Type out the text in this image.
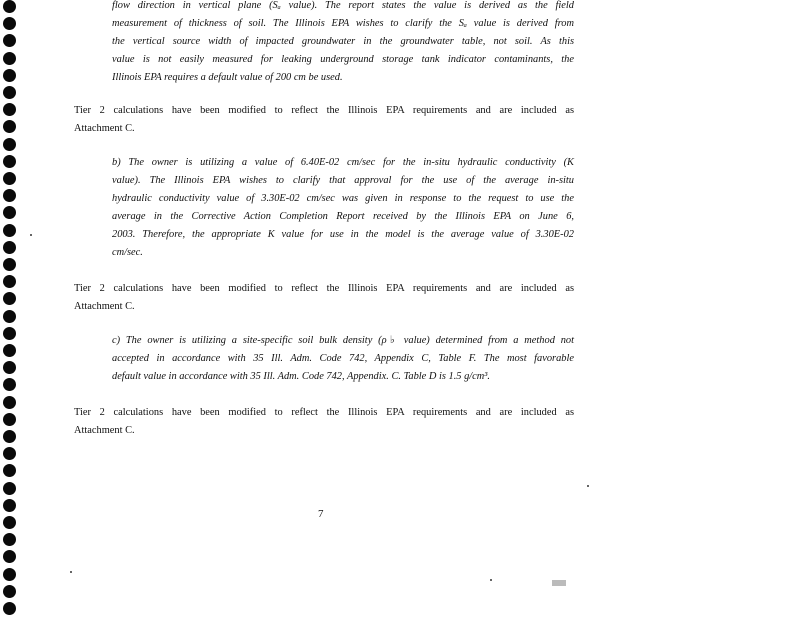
flow direction in vertical plane (Sₐ value). The report states the value is derived as the field
measurement of thickness of soil. The Illinois EPA wishes to clarify the Sₐ value is derived from
the vertical source width of impacted groundwater in the groundwater table, not soil. As this
value is not easily measured for leaking underground storage tank indicator contaminants, the
Illinois EPA requires a default value of 200 cm be used.

Tier 2 calculations have been modified to reflect the Illinois EPA requirements and are included as
Attachment C.

b) The owner is utilizing a value of 6.40E-02 cm/sec for the in-situ hydraulic conductivity (K
value). The Illinois EPA wishes to clarify that approval for the use of the average in-situ
hydraulic conductivity value of 3.30E-02 cm/sec was given in response to the request to use the
average in the Corrective Action Completion Report received by the Illinois EPA on June 6,
2003. Therefore, the appropriate K value for use in the model is the average value of 3.30E-02
cm/sec.

Tier 2 calculations have been modified to reflect the Illinois EPA requirements and are included as
Attachment C.

c) The owner is utilizing a site-specific soil bulk density (ρ♭ value) determined from a method not
accepted in accordance with 35 Ill. Adm. Code 742, Appendix C, Table F. The most favorable
default value in accordance with 35 Ill. Adm. Code 742, Appendix. C. Table D is 1.5 g/cm³.

Tier 2 calculations have been modified to reflect the Illinois EPA requirements and are included as
Attachment C.

7
